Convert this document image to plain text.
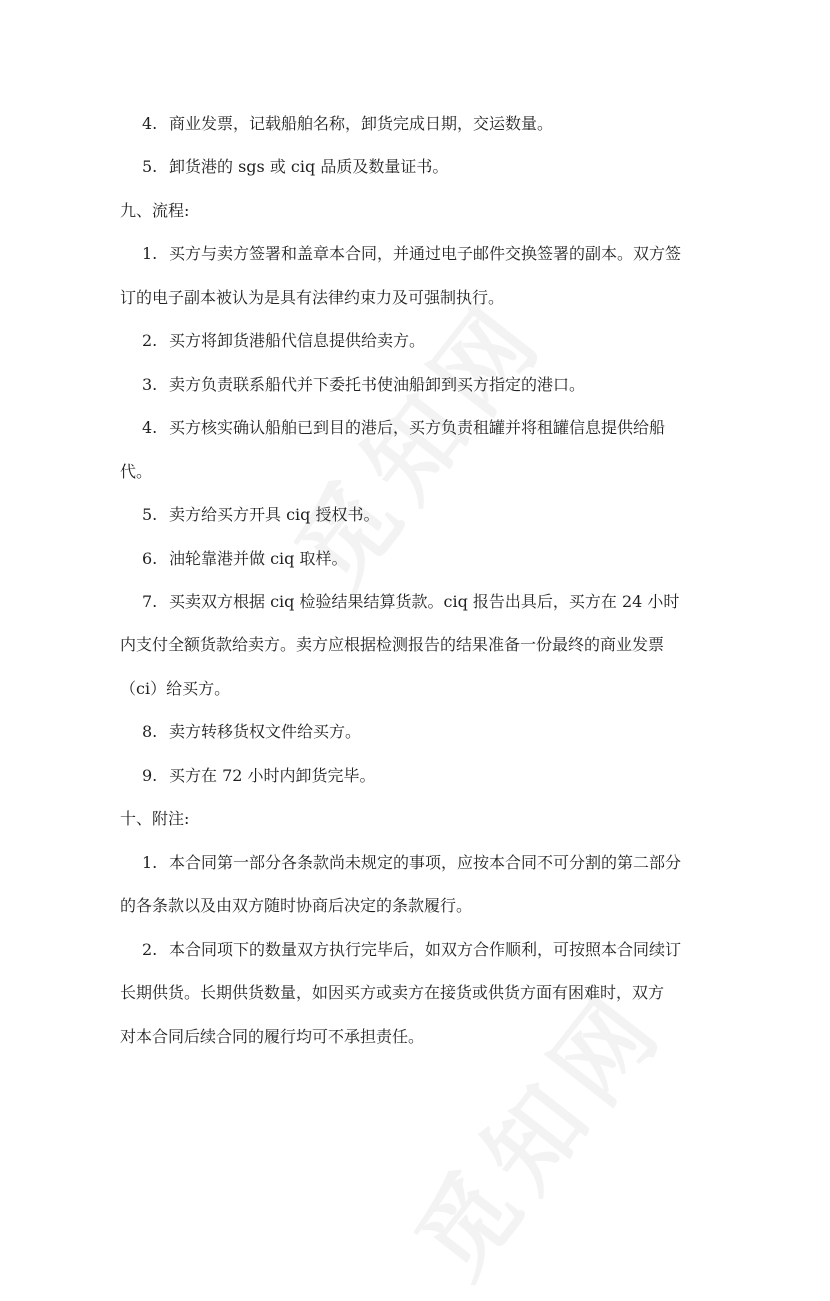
4. 商业发票，记载船舶名称，卸货完成日期，交运数量。

5. 卸货港的 sgs 或 ciq 品质及数量证书。

九、流程:

1. 买方与卖方签署和盖章本合同，并通过电子邮件交换签署的副本。双方签

订的电子副本被认为是具有法律约束力及可强制执行。

2. 买方将卸货港船代信息提供给卖方。

3. 卖方负责联系船代并下委托书使油船卸到买方指定的港口。

4. 买方核实确认船舶已到目的港后，买方负责租罐并将租罐信息提供给船

代。

5. 卖方给买方开具 ciq 授权书。

6. 油轮靠港并做 ciq 取样。

7. 买卖双方根据 ciq 检验结果结算货款。ciq 报告出具后，买方在 24 小时

内支付全额货款给卖方。卖方应根据检测报告的结果准备一份最终的商业发票

（ci）给买方。

8. 卖方转移货权文件给买方。

9. 买方在 72 小时内卸货完毕。

十、附注:

1. 本合同第一部分各条款尚未规定的事项，应按本合同不可分割的第二部分

的各条款以及由双方随时协商后决定的条款履行。

2. 本合同项下的数量双方执行完毕后，如双方合作顺利，可按照本合同续订

长期供货。长期供货数量，如因买方或卖方在接货或供货方面有困难时，双方

对本合同后续合同的履行均可不承担责任。
